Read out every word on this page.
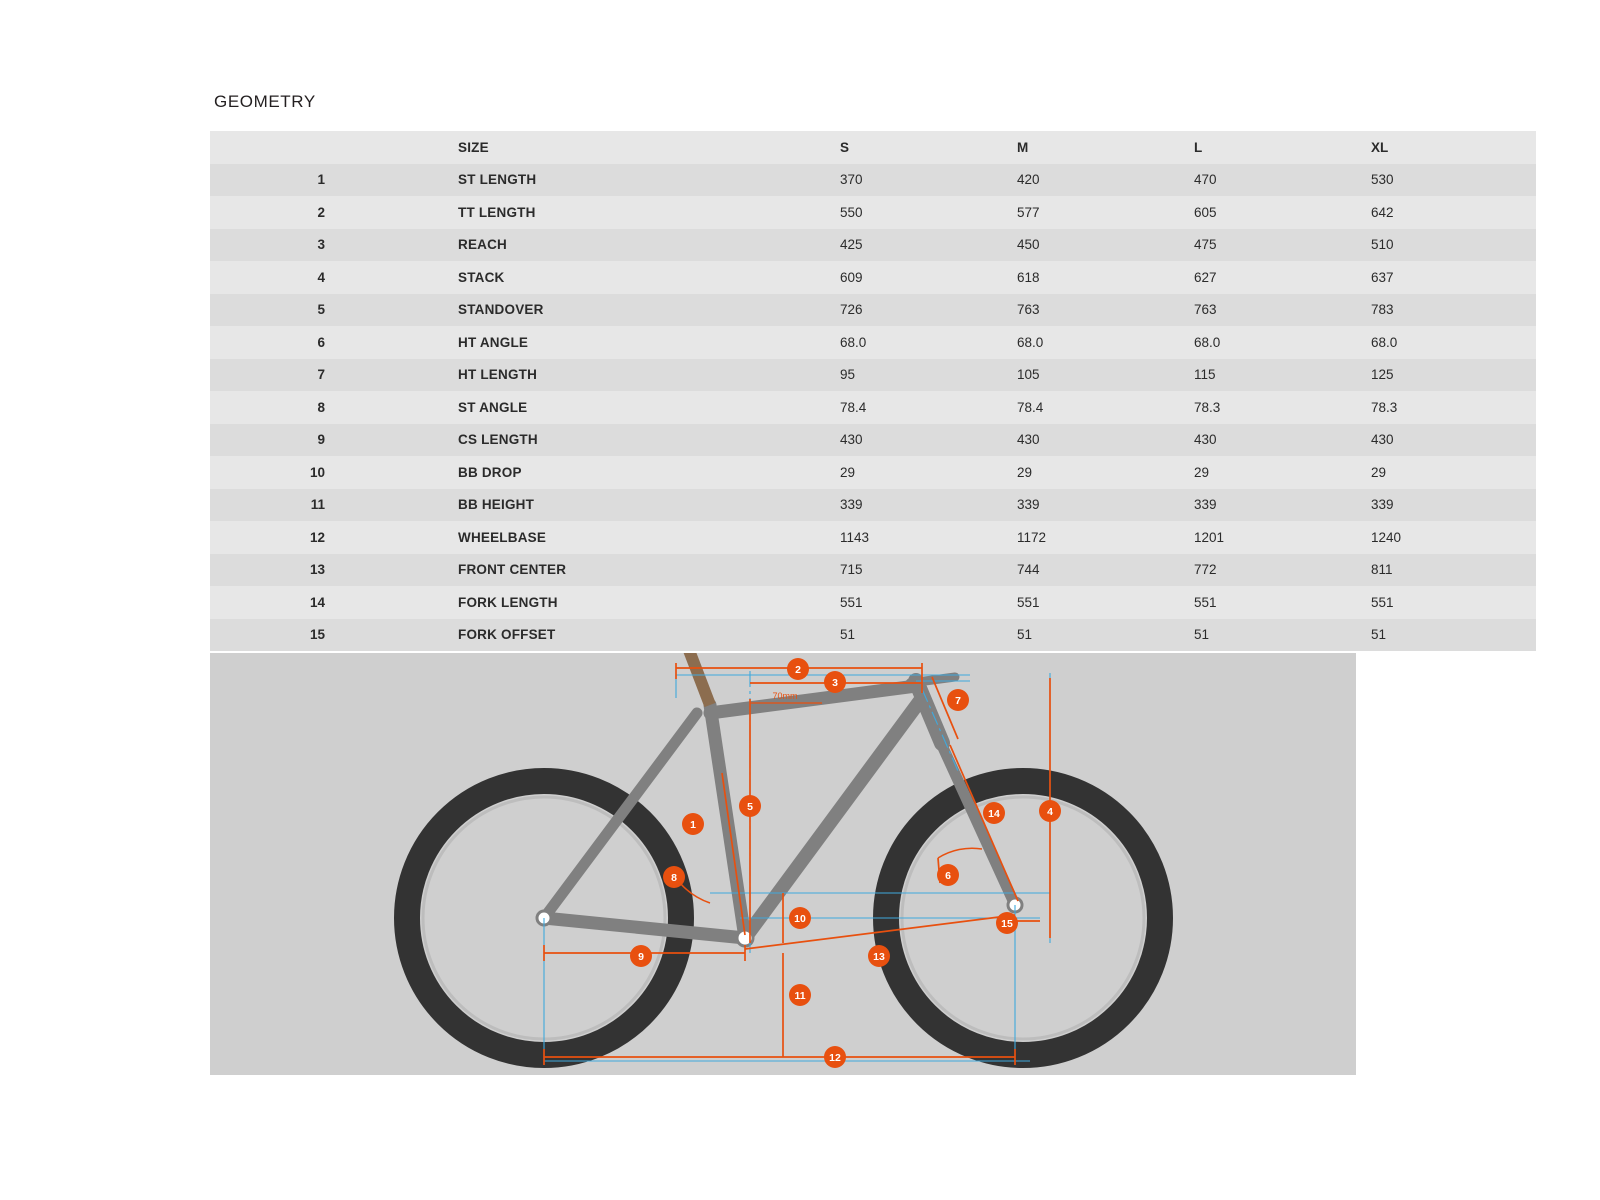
GEOMETRY
	SIZE	S	M	L	XL
1	ST LENGTH	370	420	470	530
2	TT LENGTH	550	577	605	642
3	REACH	425	450	475	510
4	STACK	609	618	627	637
5	STANDOVER	726	763	763	783
6	HT ANGLE	68.0	68.0	68.0	68.0
7	HT LENGTH	95	105	115	125
8	ST ANGLE	78.4	78.4	78.3	78.3
9	CS LENGTH	430	430	430	430
10	BB DROP	29	29	29	29
11	BB HEIGHT	339	339	339	339
12	WHEELBASE	1143	1172	1201	1240
13	FRONT CENTER	715	744	772	811
14	FORK LENGTH	551	551	551	551
15	FORK OFFSET	51	51	51	51
70mm
2
3
7
5
1
4
14
8	6
10	15
9	13
11
12
